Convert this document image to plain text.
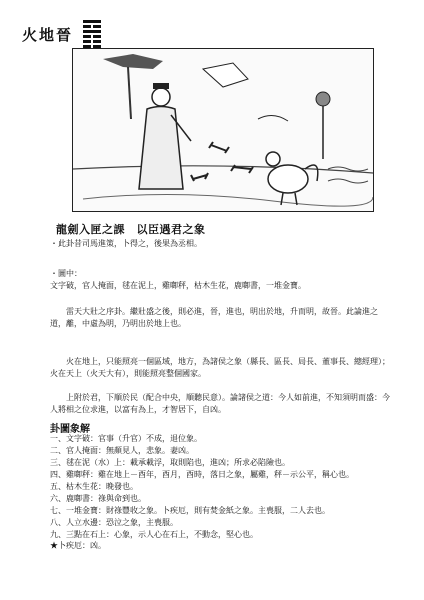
火地晉
龍劍入匣之課　以臣遇君之象
・此卦昔司馬進策，卜得之，後果為丞相。
・圖中：
文字破，官人掩面，毬在泥上，雞啣秤，枯木生花，鹿啣書，一堆金寶。
雷天大壯之序卦。繼壯盛之後，則必進，晉，進也，明出於地，升而明，故晉。此論進之道，離，中虛為明，乃明出於地上也。
火在地上，只能照亮一個區域，地方，為諸侯之象（縣長、區長、局長、董事長、總經理）；火在天上（火天大有），則能照亮整個國家。
上附於君，下順於民（配合中央，順聽民意）。論諸侯之道：今人如前進，不知須明而盛：今人將相之位求進，以富有為上，才智居下，自凶。
卦圖象解
一、文字破：官事（升官）不成，退位象。
二、官人掩面：無顏見人，悲象。妻凶。
三、毬在泥（水）上：載承載浮，取則陷也，進凶；所求必陷險也。
四、雞啣秤：雞在地上－酉年，酉月，酉時，落日之象，屬雞，秤－示公平，稱心也。
五、枯木生花：晚發也。
六、鹿啣書：祿與命到也。
七、一堆金寶：財祿豐收之象。卜疾厄，則有焚金紙之象。主喪服，二人去也。
八、人立水邊：恐泣之象，主喪服。
九、三點在石上：心象，示人心在石上，不動念，堅心也。
★卜疾厄：凶。
